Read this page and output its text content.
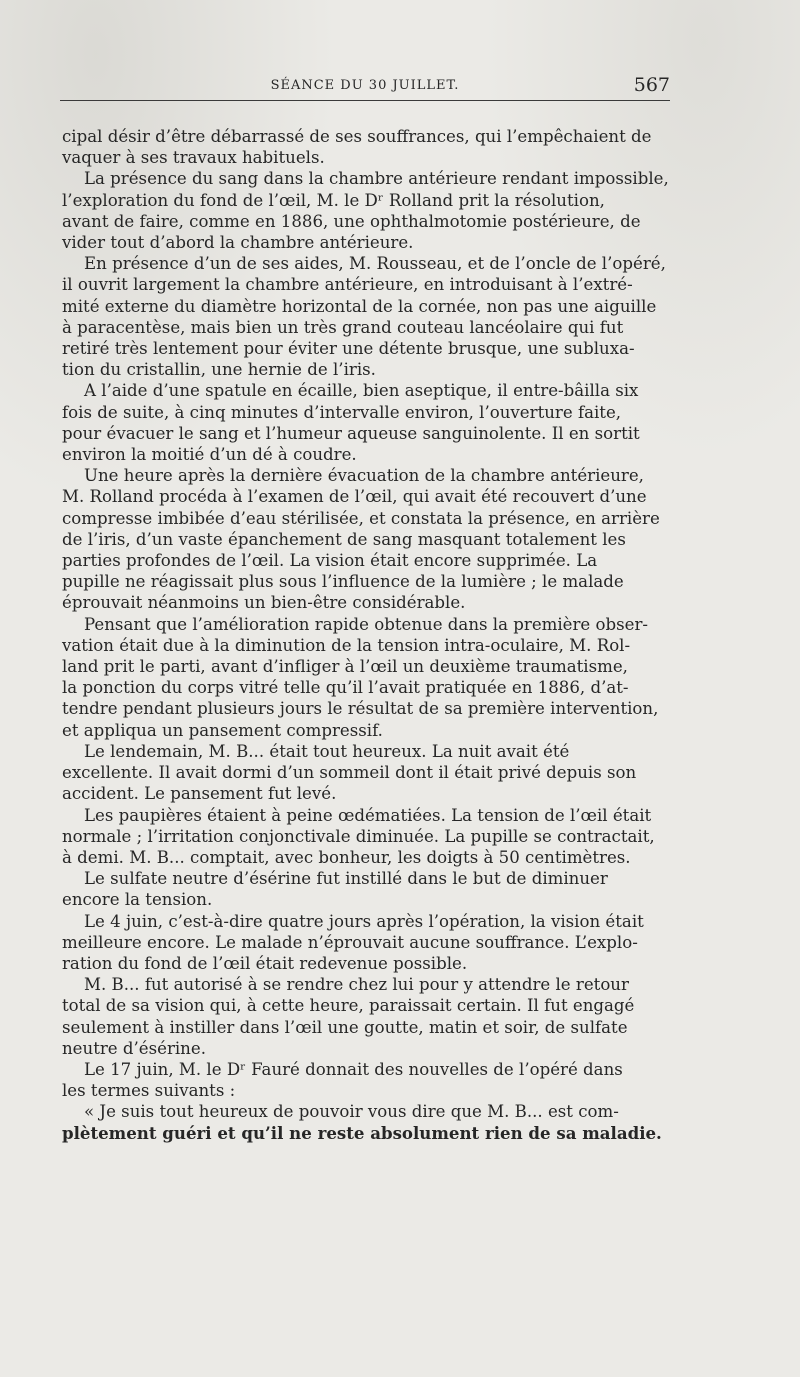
SÉANCE DU 30 JUILLET.	567
cipal désir d’être débarrassé de ses souffrances, qui l’empêchaient de
vaquer à ses travaux habituels.
La présence du sang dans la chambre antérieure rendant impossible,
l’exploration du fond de l’œil, M. le Dʳ Rolland prit la résolution,
avant de faire, comme en 1886, une ophthalmotomie postérieure, de
vider tout d’abord la chambre antérieure.
En présence d’un de ses aides, M. Rousseau, et de l’oncle de l’opéré,
il ouvrit largement la chambre antérieure, en introduisant à l’extré-
mité externe du diamètre horizontal de la cornée, non pas une aiguille
à paracentèse, mais bien un très grand couteau lancéolaire qui fut
retiré très lentement pour éviter une détente brusque, une subluxa-
tion du cristallin, une hernie de l’iris.
A l’aide d’une spatule en écaille, bien aseptique, il entre-bâilla six
fois de suite, à cinq minutes d’intervalle environ, l’ouverture faite,
pour évacuer le sang et l’humeur aqueuse sanguinolente. Il en sortit
environ la moitié d’un dé à coudre.
Une heure après la dernière évacuation de la chambre antérieure,
M. Rolland procéda à l’examen de l’œil, qui avait été recouvert d’une
compresse imbibée d’eau stérilisée, et constata la présence, en arrière
de l’iris, d’un vaste épanchement de sang masquant totalement les
parties profondes de l’œil. La vision était encore supprimée. La
pupille ne réagissait plus sous l’influence de la lumière ; le malade
éprouvait néanmoins un bien-être considérable.
Pensant que l’amélioration rapide obtenue dans la première obser-
vation était due à la diminution de la tension intra-oculaire, M. Rol-
land prit le parti, avant d’infliger à l’œil un deuxième traumatisme,
la ponction du corps vitré telle qu’il l’avait pratiquée en 1886, d’at-
tendre pendant plusieurs jours le résultat de sa première intervention,
et appliqua un pansement compressif.
Le lendemain, M. B... était tout heureux. La nuit avait été
excellente. Il avait dormi d’un sommeil dont il était privé depuis son
accident. Le pansement fut levé.
Les paupières étaient à peine œdématiées. La tension de l’œil était
normale ; l’irritation conjonctivale diminuée. La pupille se contractait,
à demi. M. B... comptait, avec bonheur, les doigts à 50 centimètres.
Le sulfate neutre d’ésérine fut instillé dans le but de diminuer
encore la tension.
Le 4 juin, c’est-à-dire quatre jours après l’opération, la vision était
meilleure encore. Le malade n’éprouvait aucune souffrance. L’explo-
ration du fond de l’œil était redevenue possible.
M. B... fut autorisé à se rendre chez lui pour y attendre le retour
total de sa vision qui, à cette heure, paraissait certain. Il fut engagé
seulement à instiller dans l’œil une goutte, matin et soir, de sulfate
neutre d’ésérine.
Le 17 juin, M. le Dʳ Fauré donnait des nouvelles de l’opéré dans
les termes suivants :
« Je suis tout heureux de pouvoir vous dire que M. B... est com-
plètement guéri et qu’il ne reste absolument rien de sa maladie.
